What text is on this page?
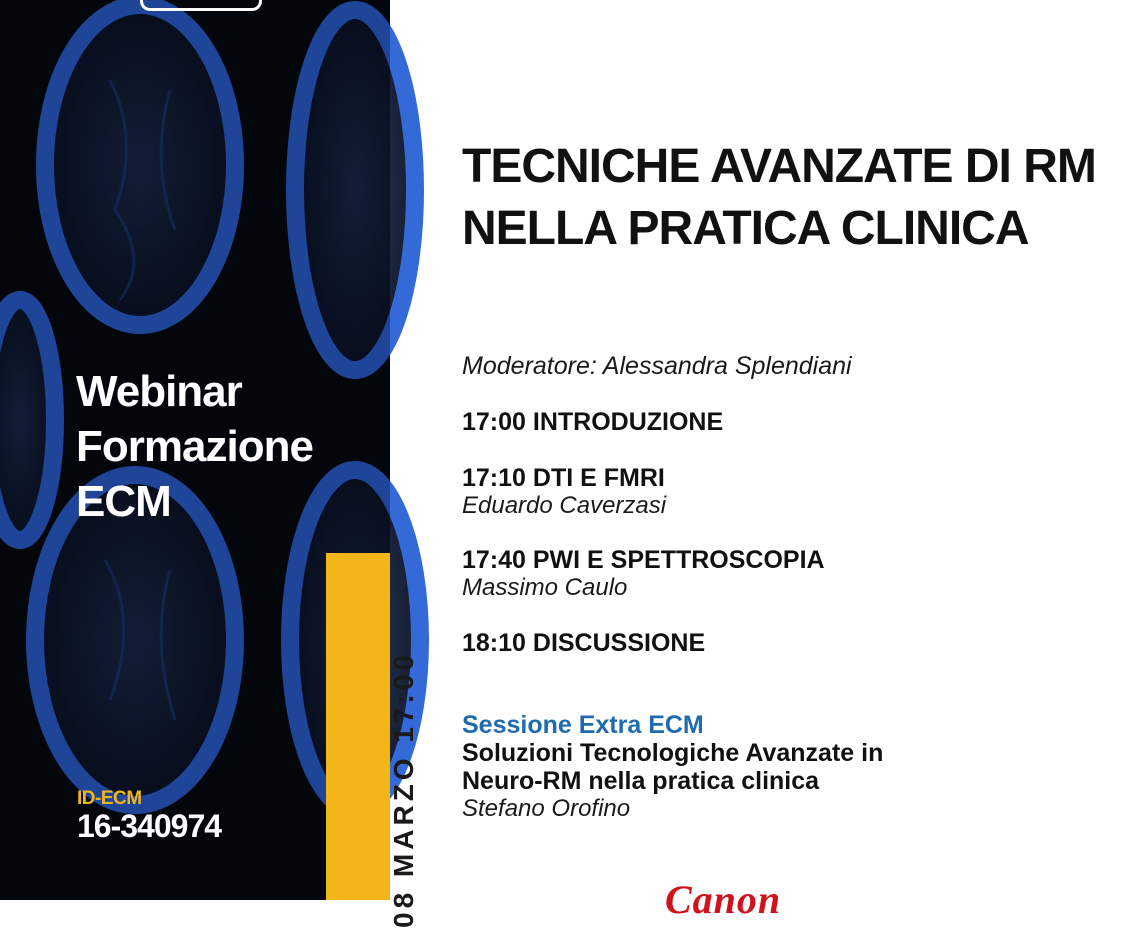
Webinar
Formazione
ECM
ID-ECM
16-340974	08 MARZO 17:00
TECNICHE AVANZATE DI RM NELLA PRATICA CLINICA
Moderatore: Alessandra Splendiani
17:00 INTRODUZIONE
17:10 DTI E FMRI
Eduardo Caverzasi
17:40 PWI E SPETTROSCOPIA
Massimo Caulo
18:10 DISCUSSIONE
Sessione Extra ECM
Soluzioni Tecnologiche Avanzate in
Neuro-RM nella pratica clinica
Stefano Orofino
Canon
